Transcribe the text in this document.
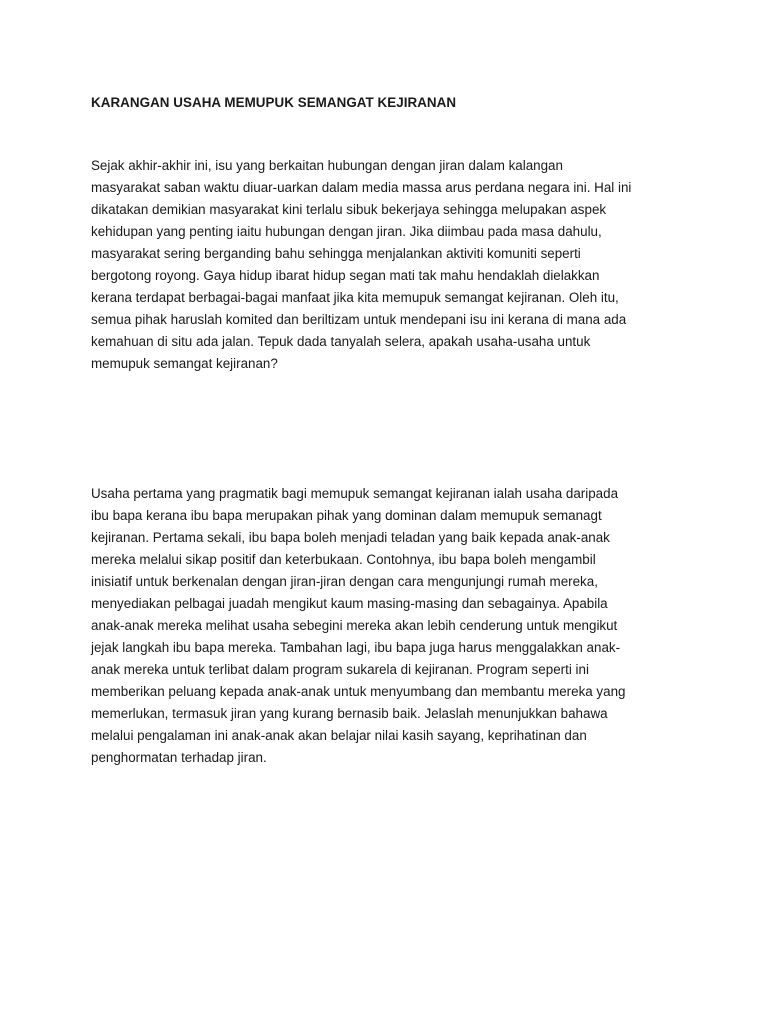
KARANGAN USAHA MEMUPUK SEMANGAT KEJIRANAN
Sejak akhir-akhir ini, isu yang berkaitan hubungan dengan jiran dalam kalangan
masyarakat saban waktu diuar-uarkan dalam media massa arus perdana negara ini. Hal ini
dikatakan demikian masyarakat kini terlalu sibuk bekerjaya sehingga melupakan aspek
kehidupan yang penting iaitu hubungan dengan jiran. Jika diimbau pada masa dahulu,
masyarakat sering berganding bahu sehingga menjalankan aktiviti komuniti seperti
bergotong royong. Gaya hidup ibarat hidup segan mati tak mahu hendaklah dielakkan
kerana terdapat berbagai-bagai manfaat jika kita memupuk semangat kejiranan. Oleh itu,
semua pihak haruslah komited dan beriltizam untuk mendepani isu ini kerana di mana ada
kemahuan di situ ada jalan. Tepuk dada tanyalah selera, apakah usaha-usaha untuk
memupuk semangat kejiranan?
Usaha pertama yang pragmatik bagi memupuk semangat kejiranan ialah usaha daripada
ibu bapa kerana ibu bapa merupakan pihak yang dominan dalam memupuk semanagt
kejiranan. Pertama sekali, ibu bapa boleh menjadi teladan yang baik kepada anak-anak
mereka melalui sikap positif dan keterbukaan. Contohnya, ibu bapa boleh mengambil
inisiatif untuk berkenalan dengan jiran-jiran dengan cara mengunjungi rumah mereka,
menyediakan pelbagai juadah mengikut kaum masing-masing dan sebagainya. Apabila
anak-anak mereka melihat usaha sebegini mereka akan lebih cenderung untuk mengikut
jejak langkah ibu bapa mereka. Tambahan lagi, ibu bapa juga harus menggalakkan anak-
anak mereka untuk terlibat dalam program sukarela di kejiranan. Program seperti ini
memberikan peluang kepada anak-anak untuk menyumbang dan membantu mereka yang
memerlukan, termasuk jiran yang kurang bernasib baik. Jelaslah menunjukkan bahawa
melalui pengalaman ini anak-anak akan belajar nilai kasih sayang, keprihatinan dan
penghormatan terhadap jiran.
